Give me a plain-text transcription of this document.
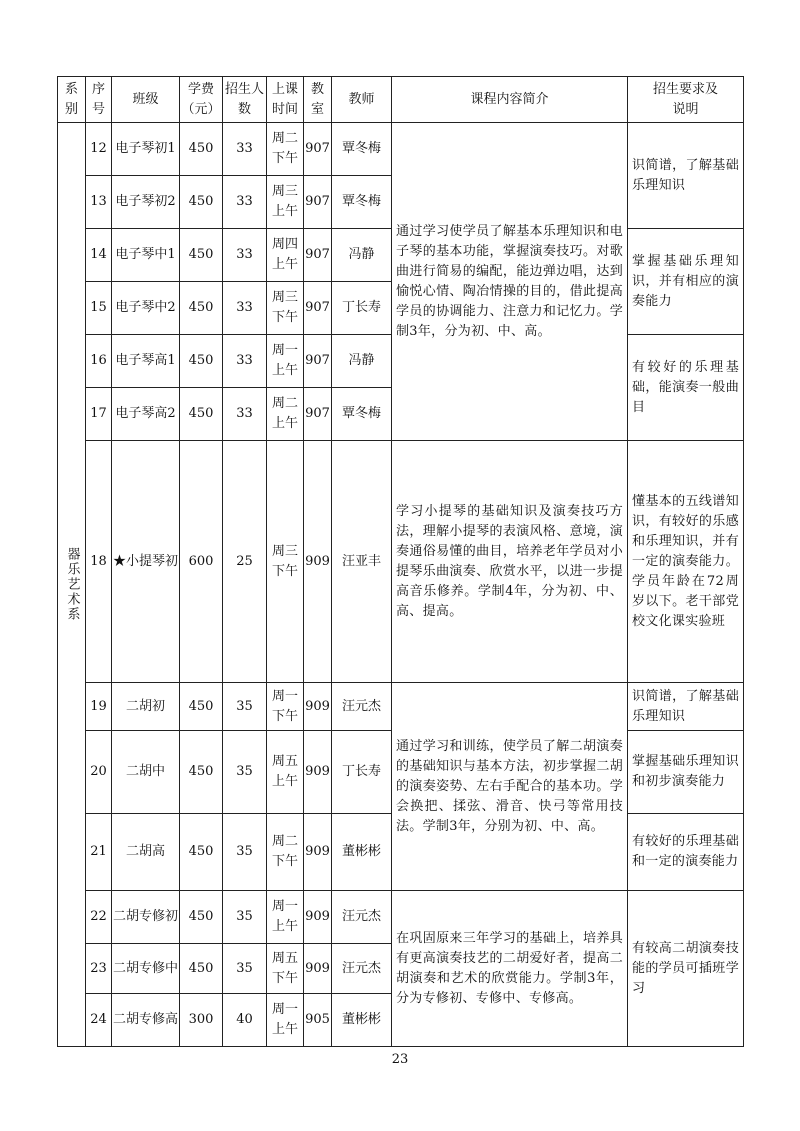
系别	序号	班级	学费（元）	招生人数	上课时间	教室	教师	课程内容简介	招生要求及说明
器乐艺术系	12	电子琴初1	450	33	周二下午	907	覃冬梅	通过学习使学员了解基本乐理知识和电子琴的基本功能，掌握演奏技巧。对歌曲进行简易的编配，能边弹边唱，达到愉悦心情、陶冶情操的目的，借此提高学员的协调能力、注意力和记忆力。学制3年，分为初、中、高。	识简谱，了解基础乐理知识
	13	电子琴初2	450	33	周三上午	907	覃冬梅		
	14	电子琴中1	450	33	周四上午	907	冯静		掌握基础乐理知识，并有相应的演奏能力
	15	电子琴中2	450	33	周三下午	907	丁长寿		
	16	电子琴高1	450	33	周一上午	907	冯静		有较好的乐理基础，能演奏一般曲目
	17	电子琴高2	450	33	周二上午	907	覃冬梅		
	18	★小提琴初	600	25	周三下午	909	汪亚丰	学习小提琴的基础知识及演奏技巧方法，理解小提琴的表演风格、意境，演奏通俗易懂的曲目，培养老年学员对小提琴乐曲演奏、欣赏水平，以进一步提高音乐修养。学制4年，分为初、中、高、提高。	懂基本的五线谱知识，有较好的乐感和乐理知识，并有一定的演奏能力。学员年龄在72周岁以下。老干部党校文化课实验班
	19	二胡初	450	35	周一下午	909	汪元杰	通过学习和训练，使学员了解二胡演奏的基础知识与基本方法，初步掌握二胡的演奏姿势、左右手配合的基本功。学会换把、揉弦、滑音、快弓等常用技法。学制3年，分别为初、中、高。	识简谱，了解基础乐理知识
	20	二胡中	450	35	周五上午	909	丁长寿		掌握基础乐理知识和初步演奏能力
	21	二胡高	450	35	周二下午	909	董彬彬		有较好的乐理基础和一定的演奏能力
	22	二胡专修初	450	35	周一上午	909	汪元杰	在巩固原来三年学习的基础上，培养具有更高演奏技艺的二胡爱好者，提高二胡演奏和艺术的欣赏能力。学制3年，分为专修初、专修中、专修高。	有较高二胡演奏技能的学员可插班学习
	23	二胡专修中	450	35	周五下午	909	汪元杰		
	24	二胡专修高	300	40	周一上午	905	董彬彬		
23
